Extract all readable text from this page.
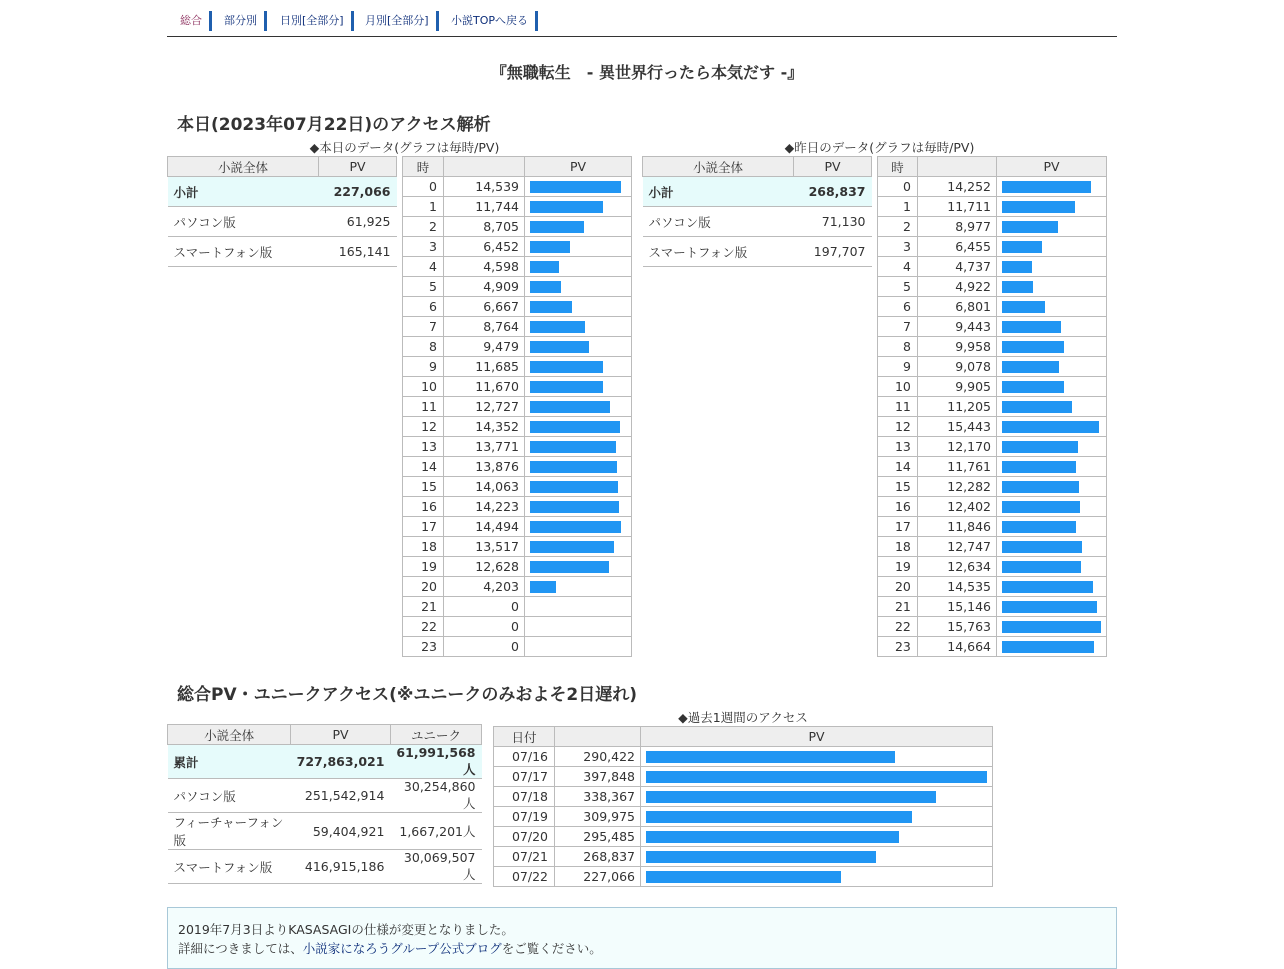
総合	部分別	日別[全部分]	月別[全部分]	小説TOPへ戻る
『無職転生　- 異世界行ったら本気だす -』
本日(2023年07月22日)のアクセス解析
◆本日のデータ(グラフは毎時/PV)	◆昨日のデータ(グラフは毎時/PV)
小説全体	PV
小計	227,066
パソコン版	61,925
スマートフォン版	165,141
時		PV
0	14,539	

1	11,744	

2	8,705	

3	6,452	

4	4,598	

5	4,909	

6	6,667	

7	8,764	

8	9,479	

9	11,685	

10	11,670	

11	12,727	

12	14,352	

13	13,771	

14	13,876	

15	14,063	

16	14,223	

17	14,494	

18	13,517	

19	12,628	

20	4,203	

21	0	
22	0	
23	0	
小説全体	PV
小計	268,837
パソコン版	71,130
スマートフォン版	197,707
時		PV
0	14,252	

1	11,711	

2	8,977	

3	6,455	

4	4,737	

5	4,922	

6	6,801	

7	9,443	

8	9,958	

9	9,078	

10	9,905	

11	11,205	

12	15,443	

13	12,170	

14	11,761	

15	12,282	

16	12,402	

17	11,846	

18	12,747	

19	12,634	

20	14,535	

21	15,146	

22	15,763	

23	14,664	
総合PV・ユニークアクセス(※ユニークのみおよそ2日遅れ)
小説全体	PV	ユニーク
累計	727,863,021	61,991,568人
パソコン版	251,542,914	30,254,860人
フィーチャーフォン版	59,404,921	1,667,201人
スマートフォン版	416,915,186	30,069,507人
◆過去1週間のアクセス
日付		PV
07/16	290,422	

07/17	397,848	

07/18	338,367	

07/19	309,975	

07/20	295,485	

07/21	268,837	

07/22	227,066	

2019年7月3日よりKASASAGIの仕様が変更となりました。

詳細につきましては、小説家になろうグループ公式ブログをご覧ください。
